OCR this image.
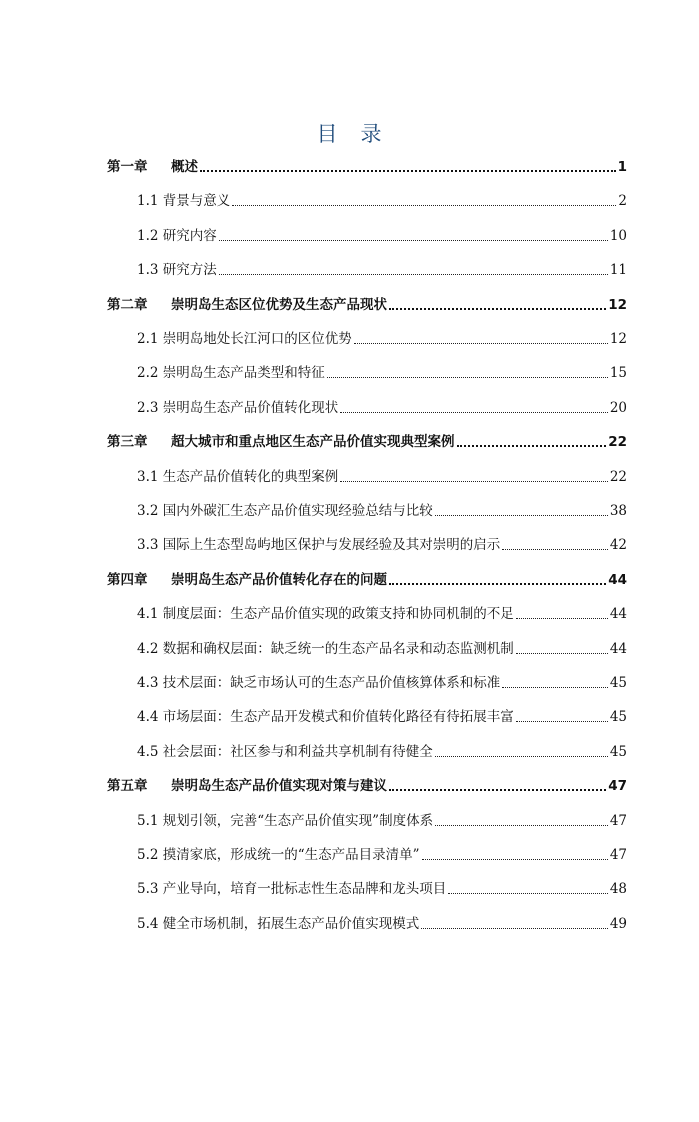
目　录
第一章 概述	1
1.1 背景与意义	2
1.2 研究内容	10
1.3 研究方法	11
第二章 崇明岛生态区位优势及生态产品现状	12
2.1 崇明岛地处长江河口的区位优势	12
2.2 崇明岛生态产品类型和特征	15
2.3 崇明岛生态产品价值转化现状	20
第三章 超大城市和重点地区生态产品价值实现典型案例	22
3.1 生态产品价值转化的典型案例	22
3.2 国内外碳汇生态产品价值实现经验总结与比较	38
3.3 国际上生态型岛屿地区保护与发展经验及其对崇明的启示	42
第四章 崇明岛生态产品价值转化存在的问题	44
4.1 制度层面：生态产品价值实现的政策支持和协同机制的不足	44
4.2 数据和确权层面：缺乏统一的生态产品名录和动态监测机制	44
4.3 技术层面：缺乏市场认可的生态产品价值核算体系和标准	45
4.4 市场层面：生态产品开发模式和价值转化路径有待拓展丰富	45
4.5 社会层面：社区参与和利益共享机制有待健全	45
第五章 崇明岛生态产品价值实现对策与建议	47
5.1 规划引领，完善“生态产品价值实现”制度体系	47
5.2 摸清家底，形成统一的“生态产品目录清单”	47
5.3 产业导向，培育一批标志性生态品牌和龙头项目	48
5.4 健全市场机制，拓展生态产品价值实现模式	49
